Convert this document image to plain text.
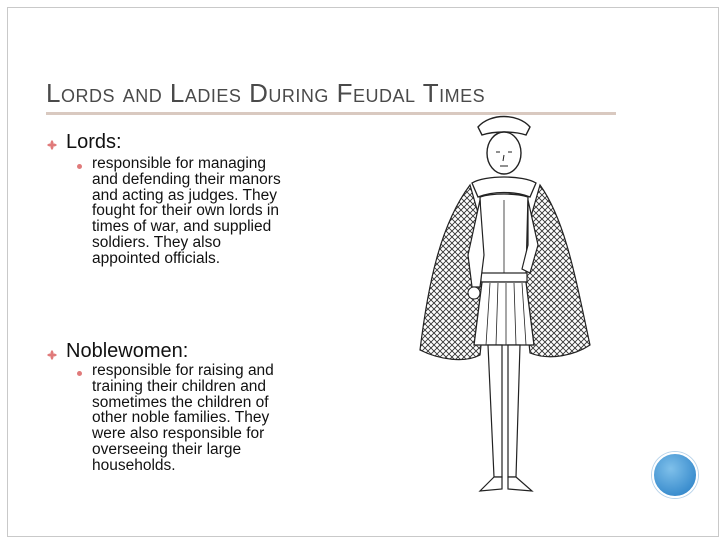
Lords and Ladies During Feudal Times
Lords:
responsible for managing
and defending their manors
and acting as judges. They
fought for their own lords in
times of war, and supplied
soldiers. They also
appointed officials.
Noblewomen:
responsible for raising and
training their children and
sometimes the children of
other noble families. They
were also responsible for
overseeing their large
households.
